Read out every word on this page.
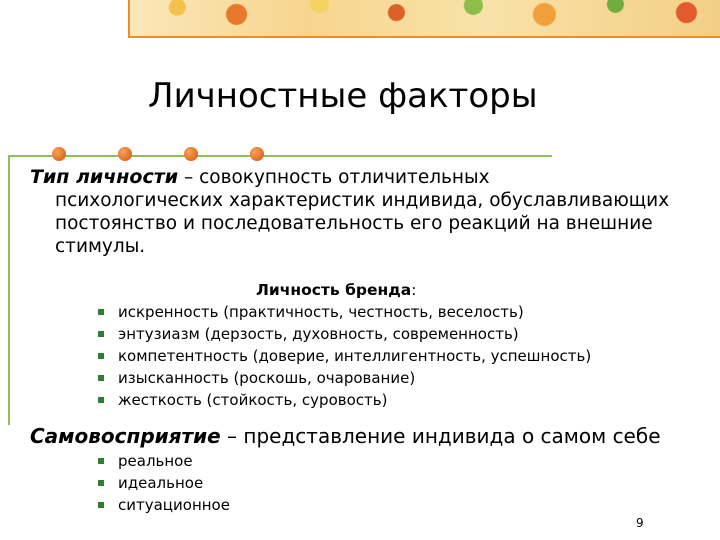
Личностные факторы
Тип личности – совокупность отличительных
психологических характеристик индивида, обуславливающих постоянство и последовательность его реакций на внешние стимулы.
Личность бренда:
искренность (практичность, честность, веселость)
энтузиазм (дерзость, духовность, современность)
компетентность (доверие, интеллигентность, успешность)
изысканность (роскошь, очарование)
жесткость (стойкость, суровость)
Самовосприятие – представление индивида о самом себе
реальное
идеальное
ситуационное
9
